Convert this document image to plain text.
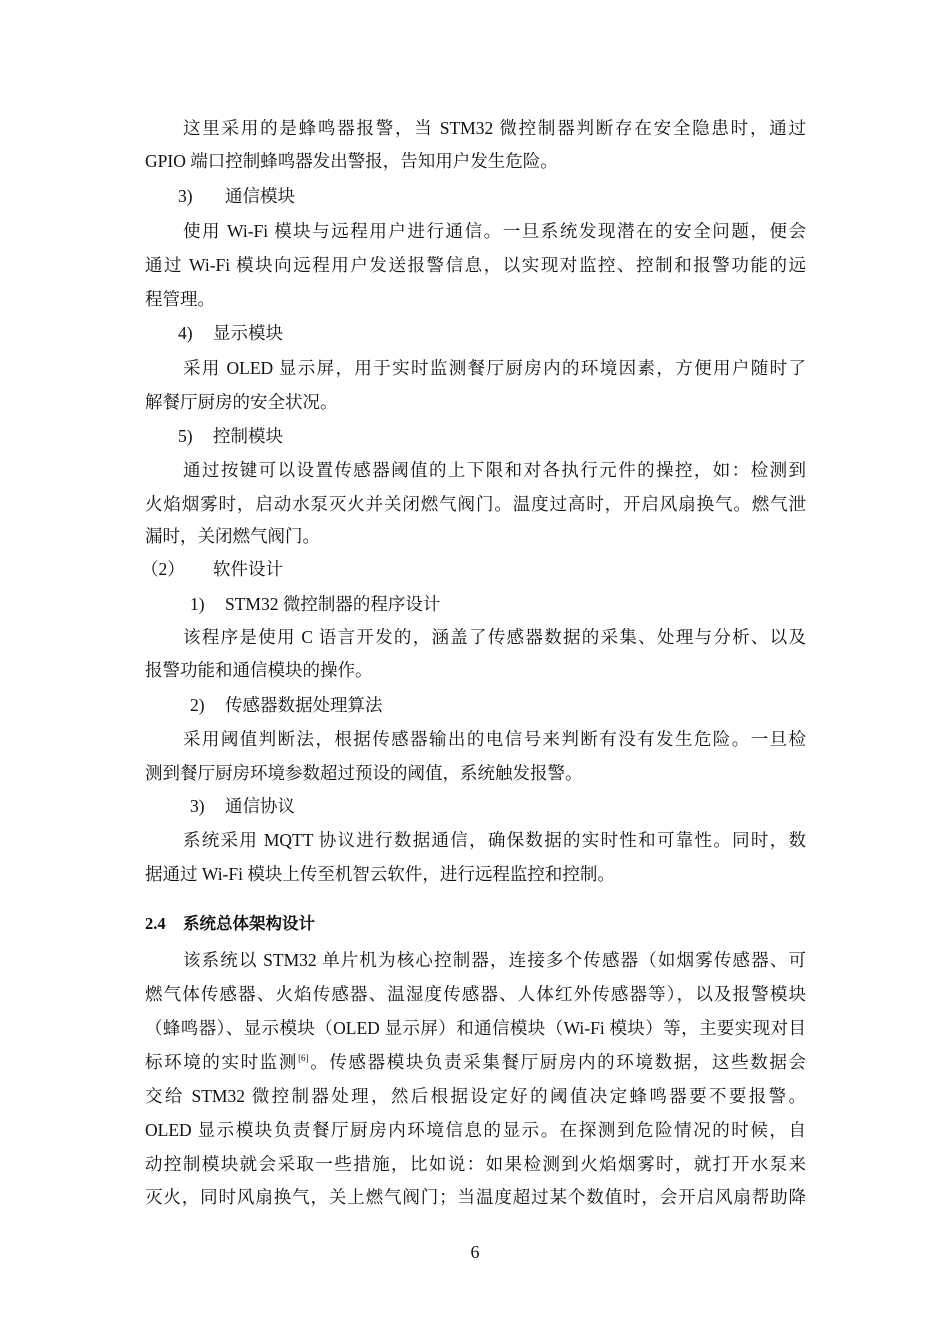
这里采用的是蜂鸣器报警，当 STM32 微控制器判断存在安全隐患时，通过
GPIO 端口控制蜂鸣器发出警报，告知用户发生危险。
3) 通信模块
使用 Wi-Fi 模块与远程用户进行通信。一旦系统发现潜在的安全问题，便会
通过 Wi-Fi 模块向远程用户发送报警信息，以实现对监控、控制和报警功能的远
程管理。
4) 显示模块
采用 OLED 显示屏，用于实时监测餐厅厨房内的环境因素，方便用户随时了
解餐厅厨房的安全状况。
5) 控制模块
通过按键可以设置传感器阈值的上下限和对各执行元件的操控，如：检测到
火焰烟雾时，启动水泵灭火并关闭燃气阀门。温度过高时，开启风扇换气。燃气泄
漏时，关闭燃气阀门。
（2） 软件设计
1) STM32 微控制器的程序设计
该程序是使用 C 语言开发的，涵盖了传感器数据的采集、处理与分析、以及
报警功能和通信模块的操作。
2) 传感器数据处理算法
采用阈值判断法，根据传感器输出的电信号来判断有没有发生危险。一旦检
测到餐厅厨房环境参数超过预设的阈值，系统触发报警。
3) 通信协议
系统采用 MQTT 协议进行数据通信，确保数据的实时性和可靠性。同时，数
据通过 Wi-Fi 模块上传至机智云软件，进行远程监控和控制。
2.4 系统总体架构设计
该系统以 STM32 单片机为核心控制器，连接多个传感器（如烟雾传感器、可
燃气体传感器、火焰传感器、温湿度传感器、人体红外传感器等），以及报警模块
（蜂鸣器）、显示模块（OLED 显示屏）和通信模块（Wi-Fi 模块）等，主要实现对目
标环境的实时监测[6]。传感器模块负责采集餐厅厨房内的环境数据，这些数据会
交给 STM32 微控制器处理，然后根据设定好的阈值决定蜂鸣器要不要报警。
OLED 显示模块负责餐厅厨房内环境信息的显示。在探测到危险情况的时候，自
动控制模块就会采取一些措施，比如说：如果检测到火焰烟雾时，就打开水泵来
灭火，同时风扇换气，关上燃气阀门；当温度超过某个数值时，会开启风扇帮助降
6
